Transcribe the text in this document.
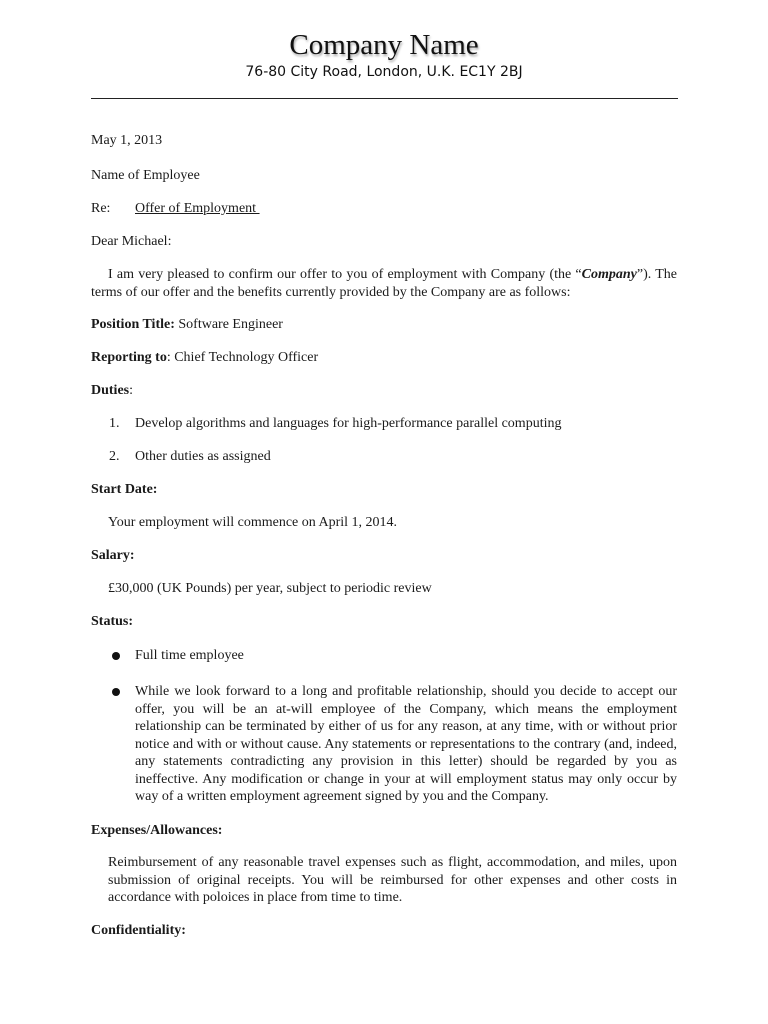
Company Name
76-80 City Road, London, U.K. EC1Y 2BJ
May 1, 2013
Name of Employee
Re: Offer of Employment
Dear Michael:
I am very pleased to confirm our offer to you of employment with Company (the “Company”). The terms of our offer and the benefits currently provided by the Company are as follows:
Position Title: Software Engineer
Reporting to: Chief Technology Officer
Duties:
1. Develop algorithms and languages for high-performance parallel computing
2. Other duties as assigned
Start Date:
Your employment will commence on April 1, 2014.
Salary:
£30,000 (UK Pounds) per year, subject to periodic review
Status:
Full time employee
While we look forward to a long and profitable relationship, should you decide to accept our offer, you will be an at-will employee of the Company, which means the employment relationship can be terminated by either of us for any reason, at any time, with or without prior notice and with or without cause. Any statements or representations to the contrary (and, indeed, any statements contradicting any provision in this letter) should be regarded by you as ineffective. Any modification or change in your at will employment status may only occur by way of a written employment agreement signed by you and the Company.
Expenses/Allowances:
Reimbursement of any reasonable travel expenses such as flight, accommodation, and miles, upon submission of original receipts. You will be reimbursed for other expenses and other costs in accordance with poloices in place from time to time.
Confidentiality:
